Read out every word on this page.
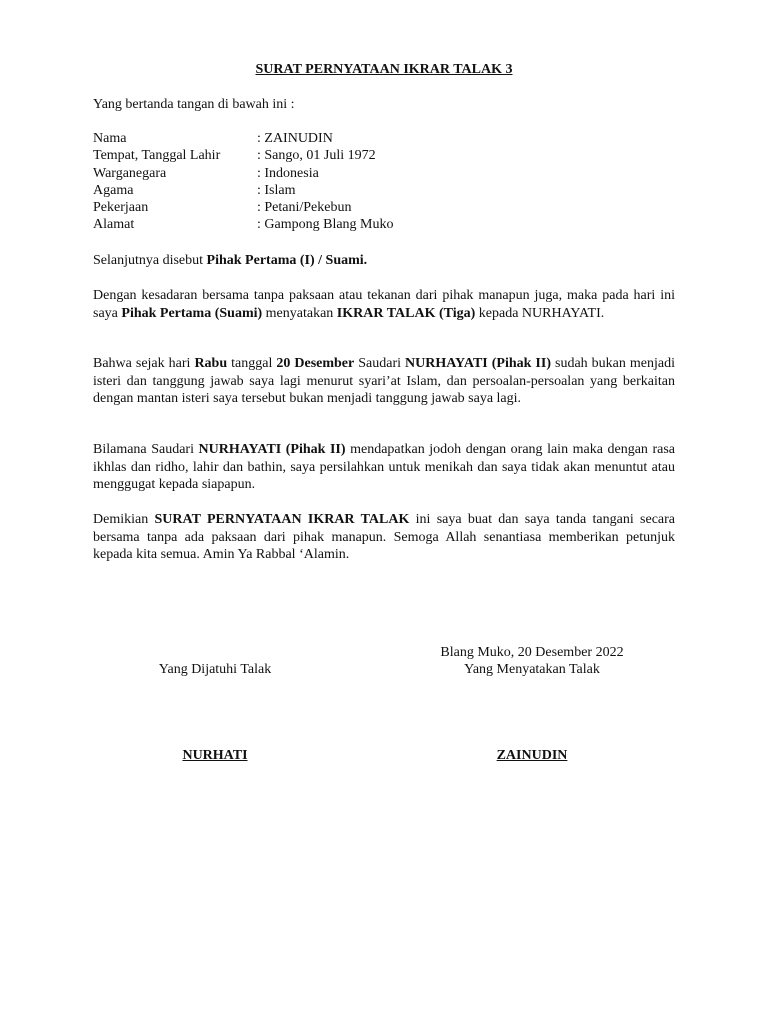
SURAT PERNYATAAN IKRAR TALAK 3
Yang bertanda tangan di bawah ini :
Nama	: ZAINUDIN
Tempat, Tanggal Lahir	: Sango, 01 Juli 1972
Warganegara	: Indonesia
Agama	: Islam
Pekerjaan	: Petani/Pekebun
Alamat	: Gampong Blang Muko

Selanjutnya disebut Pihak Pertama (I) / Suami.

Dengan kesadaran bersama tanpa paksaan atau tekanan dari pihak manapun juga, maka pada hari ini saya Pihak Pertama (Suami) menyatakan IKRAR TALAK (Tiga) kepada NURHAYATI.

Bahwa sejak hari Rabu tanggal 20 Desember Saudari NURHAYATI (Pihak II) sudah bukan menjadi isteri dan tanggung jawab saya lagi menurut syari’at Islam, dan persoalan-persoalan yang berkaitan dengan mantan isteri saya tersebut bukan menjadi tanggung jawab saya lagi.

Bilamana Saudari NURHAYATI (Pihak II) mendapatkan jodoh dengan orang lain maka dengan rasa ikhlas dan ridho, lahir dan bathin, saya persilahkan untuk menikah dan saya tidak akan menuntut atau menggugat kepada siapapun.

Demikian SURAT PERNYATAAN IKRAR TALAK ini saya buat dan saya tanda tangani secara bersama tanpa ada paksaan dari pihak manapun. Semoga Allah senantiasa memberikan petunjuk kepada kita semua. Amin Ya Rabbal ‘Alamin.

Blang Muko, 20 Desember 2022
Yang Dijatuhi Talak	Yang Menyatakan Talak
NURHATI	ZAINUDIN
